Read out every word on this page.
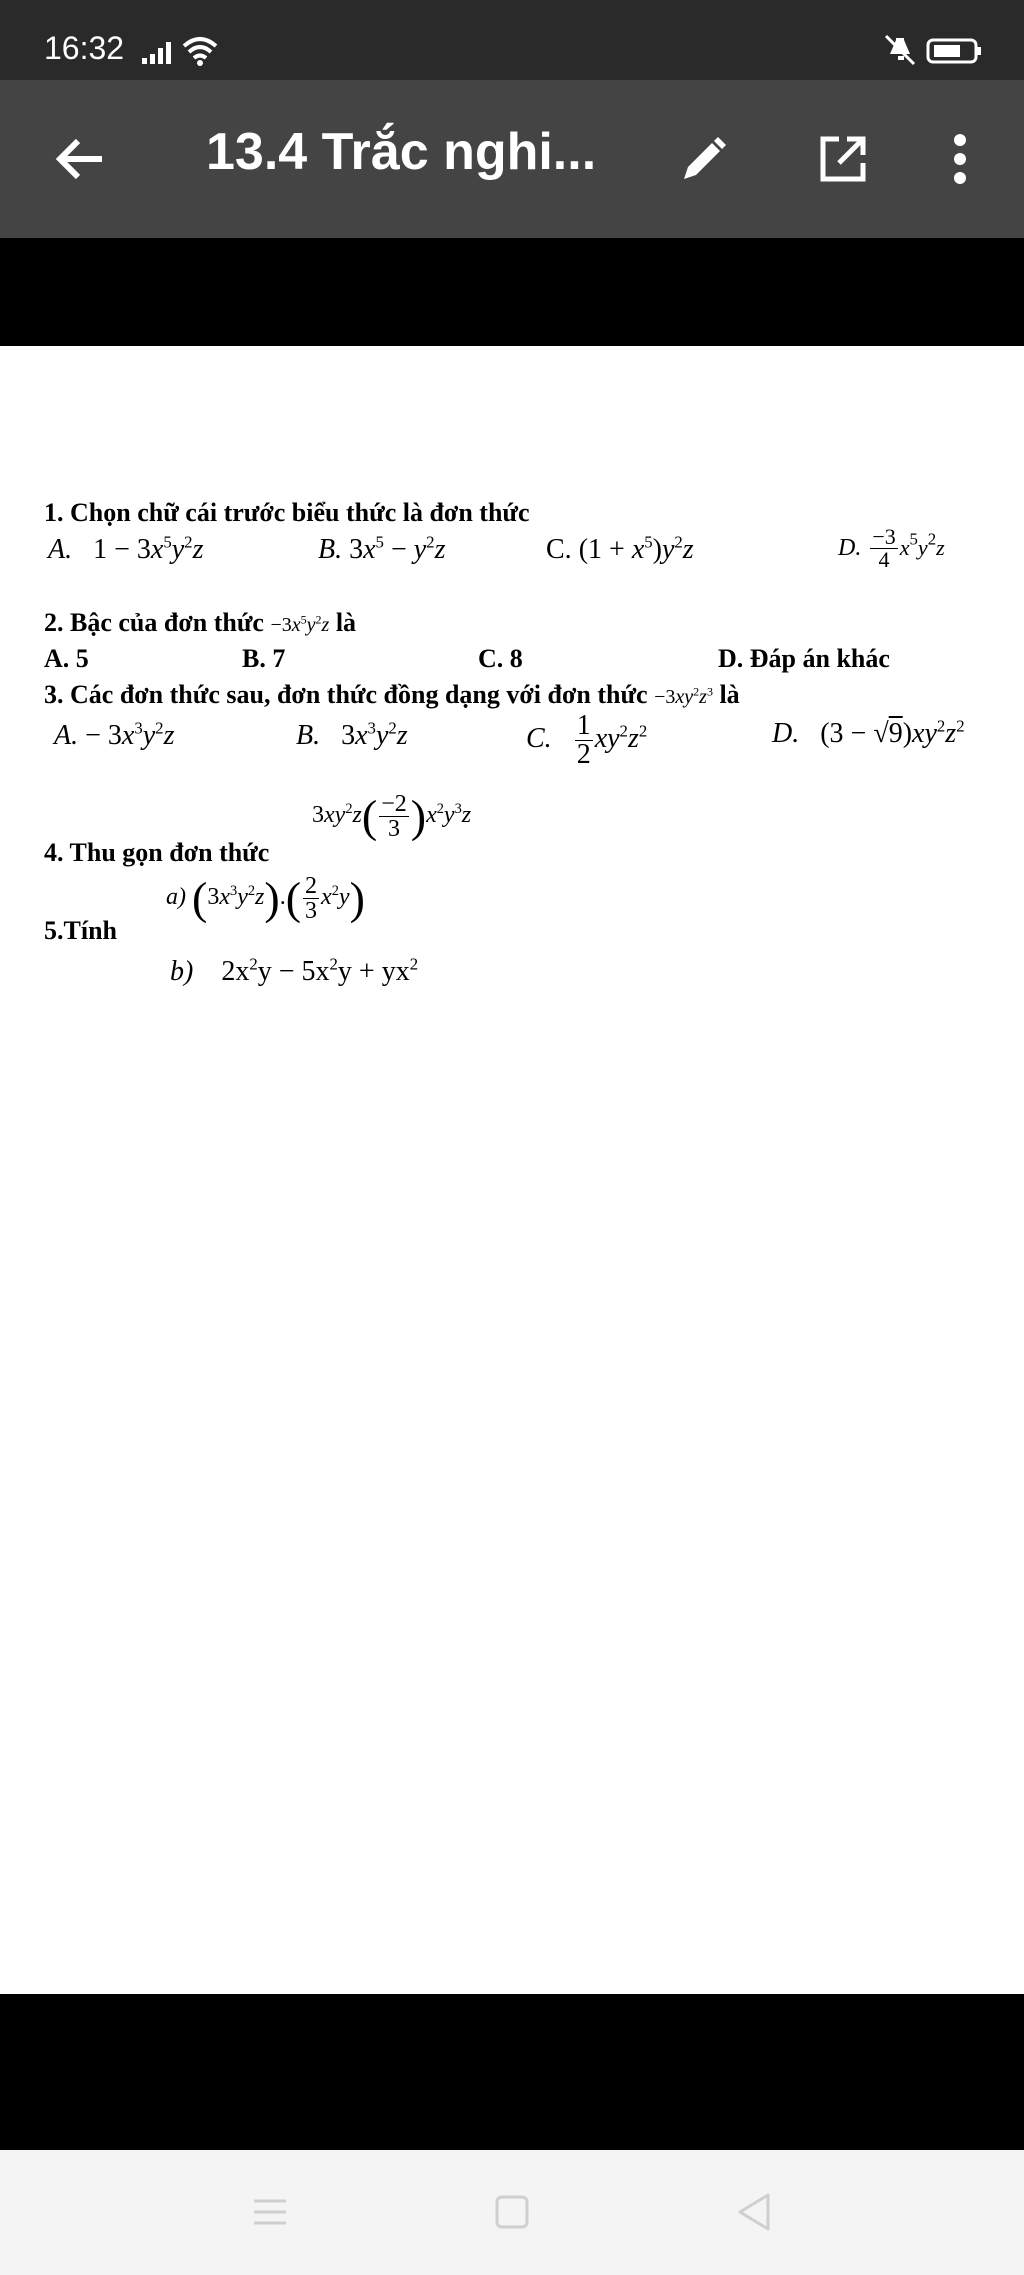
16:32
13.4 Trắc nghi...
1. Chọn chữ cái trước biểu thức là đơn thức
A.   $1 - 3x^5y^2z$	B. $3x^5 - y^2z$	C. $(1 + x^5)y^2z$	D. $\frac{-3}{4} x^5y^2z$
2. Bậc của đơn thức $-3x^5y^2z$ là
A. 5	B. 7	C. 8	D. Đáp án khác
3. Các đơn thức sau, đơn thức đồng dạng với đơn thức $-3xy^2z^3$ là
A. − $3x^3y^2z$	B.   $3x^3y^2z$	C. $\frac{1}{2} xy^2z^2$	D.   $(3 - √9)xy^2z^2$
4. Thu gọn đơn thức
$3xy^2z( \frac{-2}{3} )x^2y^3z$
5.Tính
a) $(3x^3y^2z).( \frac{2}{3} x^2y)$
b)    $2x^2y - 5x^2y + yx^2$
